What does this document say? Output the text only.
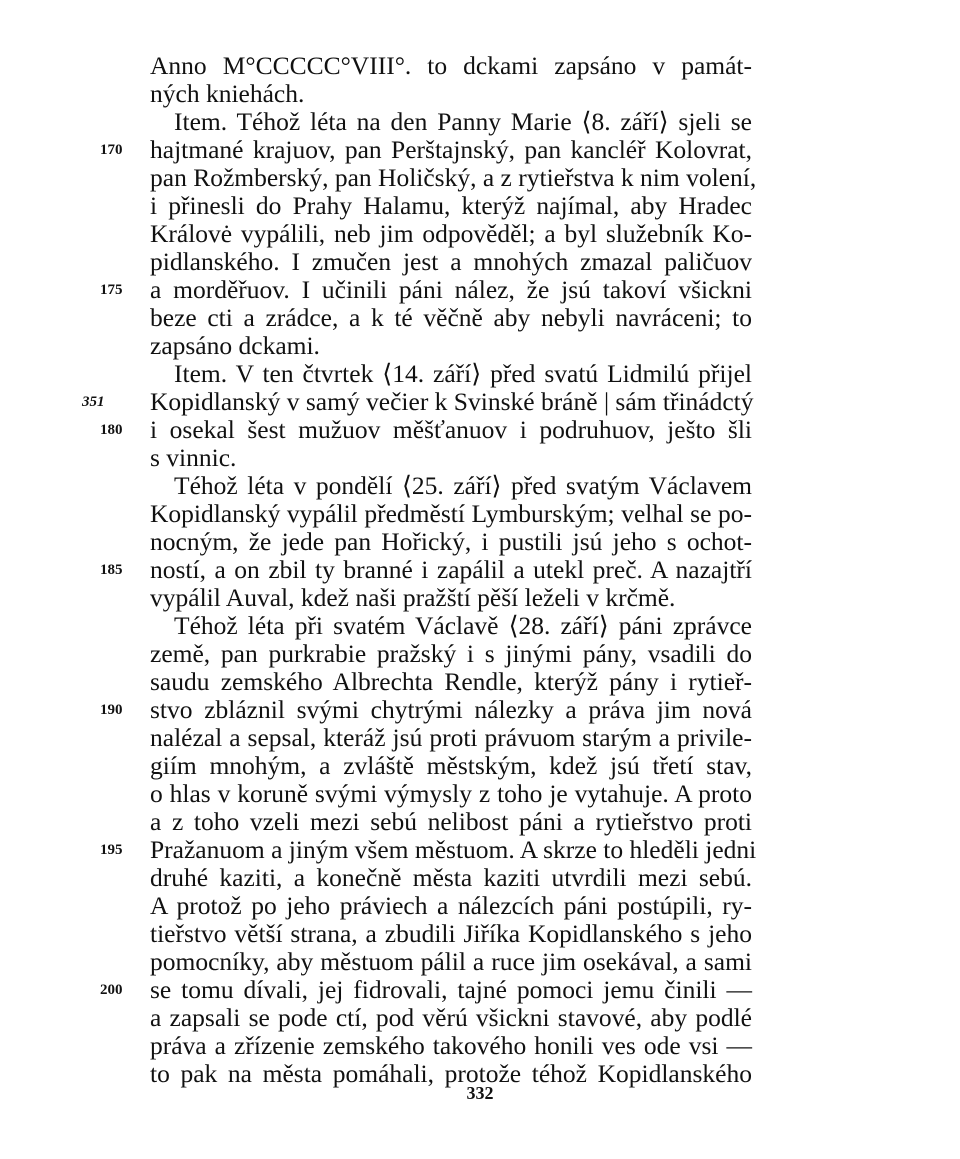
Anno M°CCCCC°VIII°. to dckami zapsáno v památ-
ných kniehách.
Item. Téhož léta na den Panny Marie ⟨8. září⟩ sjeli se
hajtmané krajuov, pan Perštajnský, pan kancléř Kolovrat,
pan Rožmberský, pan Holičský, a z rytieřstva k nim volení,
i přinesli do Prahy Halamu, kterýž najímal, aby Hradec
Královė vypálili, neb jim odpověděl; a byl služebník Ko-
pidlanského. I zmučen jest a mnohých zmazal paličuov
a morděřuov. I učinili páni nález, že jsú takoví všickni
beze cti a zrádce, a k té věčně aby nebyli navráceni; to
zapsáno dckami.
Item. V ten čtvrtek ⟨14. září⟩ před svatú Lidmilú přijel
Kopidlanský v samý večier k Svinské bráně | sám třinádctý
i osekal šest mužuov měšťanuov i podruhuov, ješto šli
s vinnic.
Téhož léta v pondělí ⟨25. září⟩ před svatým Václavem
Kopidlanský vypálil předměstí Lymburským; velhal se po-
nocným, že jede pan Hořický, i pustili jsú jeho s ochot-
ností, a on zbil ty branné i zapálil a utekl preč. A nazajtří
vypálil Auval, kdež naši pražští pěší leželi v krčmě.
Téhož léta při svatém Václavě ⟨28. září⟩ páni zprávce
země, pan purkrabie pražský i s jinými pány, vsadili do
saudu zemského Albrechta Rendle, kterýž pány i rytieř-
stvo zbláznil svými chytrými nálezky a práva jim nová
nalézal a sepsal, kteráž jsú proti právuom starým a privile-
giím mnohým, a zvláště městským, kdež jsú třetí stav,
o hlas v koruně svými výmysly z toho je vytahuje. A proto
a z toho vzeli mezi sebú nelibost páni a rytieřstvo proti
Pražanuom a jiným všem městuom. A skrze to hleděli jedni
druhé kaziti, a konečně města kaziti utvrdili mezi sebú.
A protož po jeho práviech a nálezcích páni postúpili, ry-
tieřstvo větší strana, a zbudili Jiříka Kopidlanského s jeho
pomocníky, aby městuom pálil a ruce jim osekával, a sami
se tomu dívali, jej fidrovali, tajné pomoci jemu činili —
a zapsali se pode ctí, pod věrú všickni stavové, aby podlé
práva a zřízenie zemského takového honili ves ode vsi —
to pak na města pomáhali, protože téhož Kopidlanského
170
175
351
180
185
190
195
200
332
